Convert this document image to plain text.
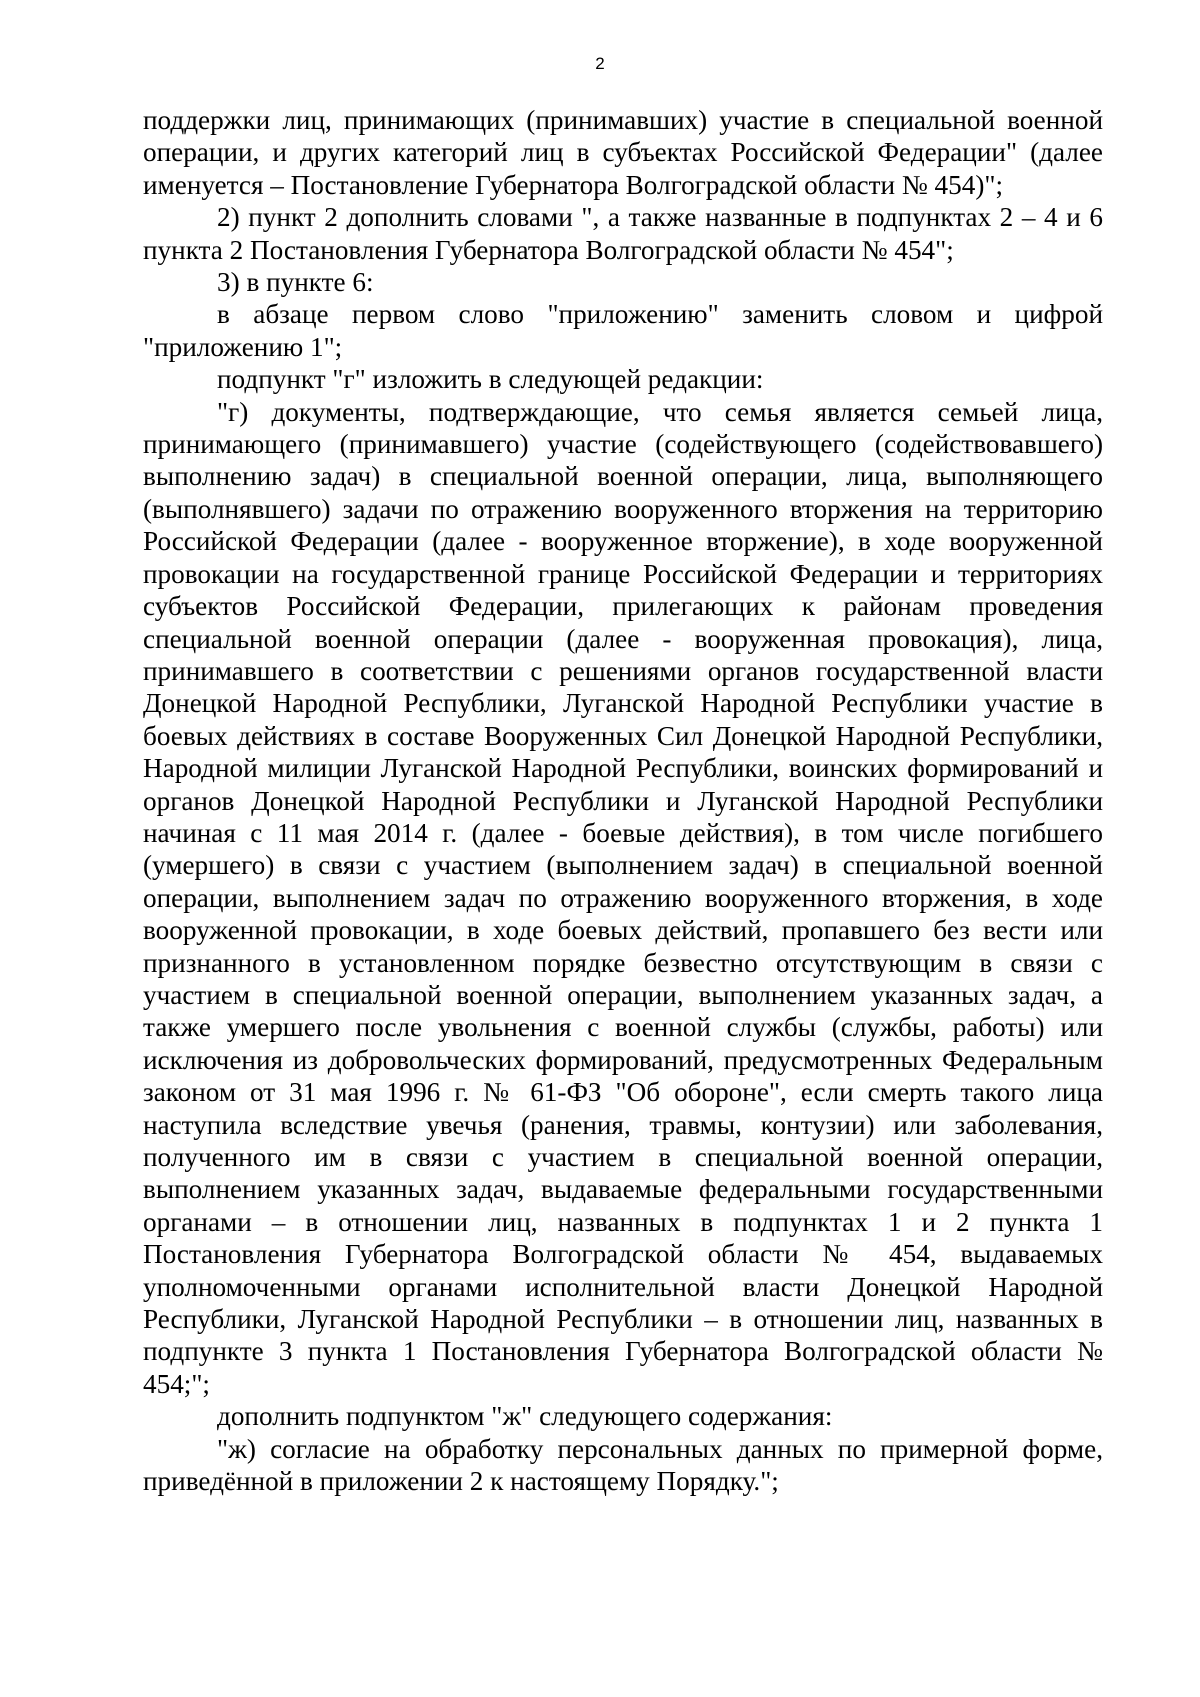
2

поддержки лиц, принимающих (принимавших) участие в специальной военной операции, и других категорий лиц в субъектах Российской Федерации" (далее именуется – Постановление Губернатора Волгоградской области № 454)";

2) пункт 2 дополнить словами ", а также названные в подпунктах 2 – 4 и 6 пункта 2 Постановления Губернатора Волгоградской области № 454";

3) в пункте 6:

в абзаце первом слово "приложению" заменить словом и цифрой "приложению 1";

подпункт "г" изложить в следующей редакции:

"г) документы, подтверждающие, что семья является семьей лица, принимающего (принимавшего) участие (содействующего (содействовавшего) выполнению задач) в специальной военной операции, лица, выполняющего (выполнявшего) задачи по отражению вооруженного вторжения на территорию Российской Федерации (далее - вооруженное вторжение), в ходе вооруженной провокации на государственной границе Российской Федерации и территориях субъектов Российской Федерации, прилегающих к районам проведения специальной военной операции (далее - вооруженная провокация), лица, принимавшего в соответствии с решениями органов государственной власти Донецкой Народной Республики, Луганской Народной Республики участие в боевых действиях в составе Вооруженных Сил Донецкой Народной Республики, Народной милиции Луганской Народной Республики, воинских формирований и органов Донецкой Народной Республики и Луганской Народной Республики начиная с 11 мая 2014 г. (далее - боевые действия), в том числе погибшего (умершего) в связи с участием (выполнением задач) в специальной военной операции, выполнением задач по отражению вооруженного вторжения, в ходе вооруженной провокации, в ходе боевых действий, пропавшего без вести или признанного в установленном порядке безвестно отсутствующим в связи с участием в специальной военной операции, выполнением указанных задач, а также умершего после увольнения с военной службы (службы, работы) или исключения из добровольческих формирований, предусмотренных Федеральным законом от 31 мая 1996 г. № 61-ФЗ "Об обороне", если смерть такого лица наступила вследствие увечья (ранения, травмы, контузии) или заболевания, полученного им в связи с участием в специальной военной операции, выполнением указанных задач, выдаваемые федеральными государственными органами – в отношении лиц, названных в подпунктах 1 и 2 пункта 1 Постановления Губернатора Волгоградской области № 454, выдаваемых уполномоченными органами исполнительной власти Донецкой Народной Республики, Луганской Народной Республики – в отношении лиц, названных в подпункте 3 пункта 1 Постановления Губернатора Волгоградской области № 454;";

дополнить подпунктом "ж" следующего содержания:

"ж) согласие на обработку персональных данных по примерной форме, приведённой в приложении 2 к настоящему Порядку.";
